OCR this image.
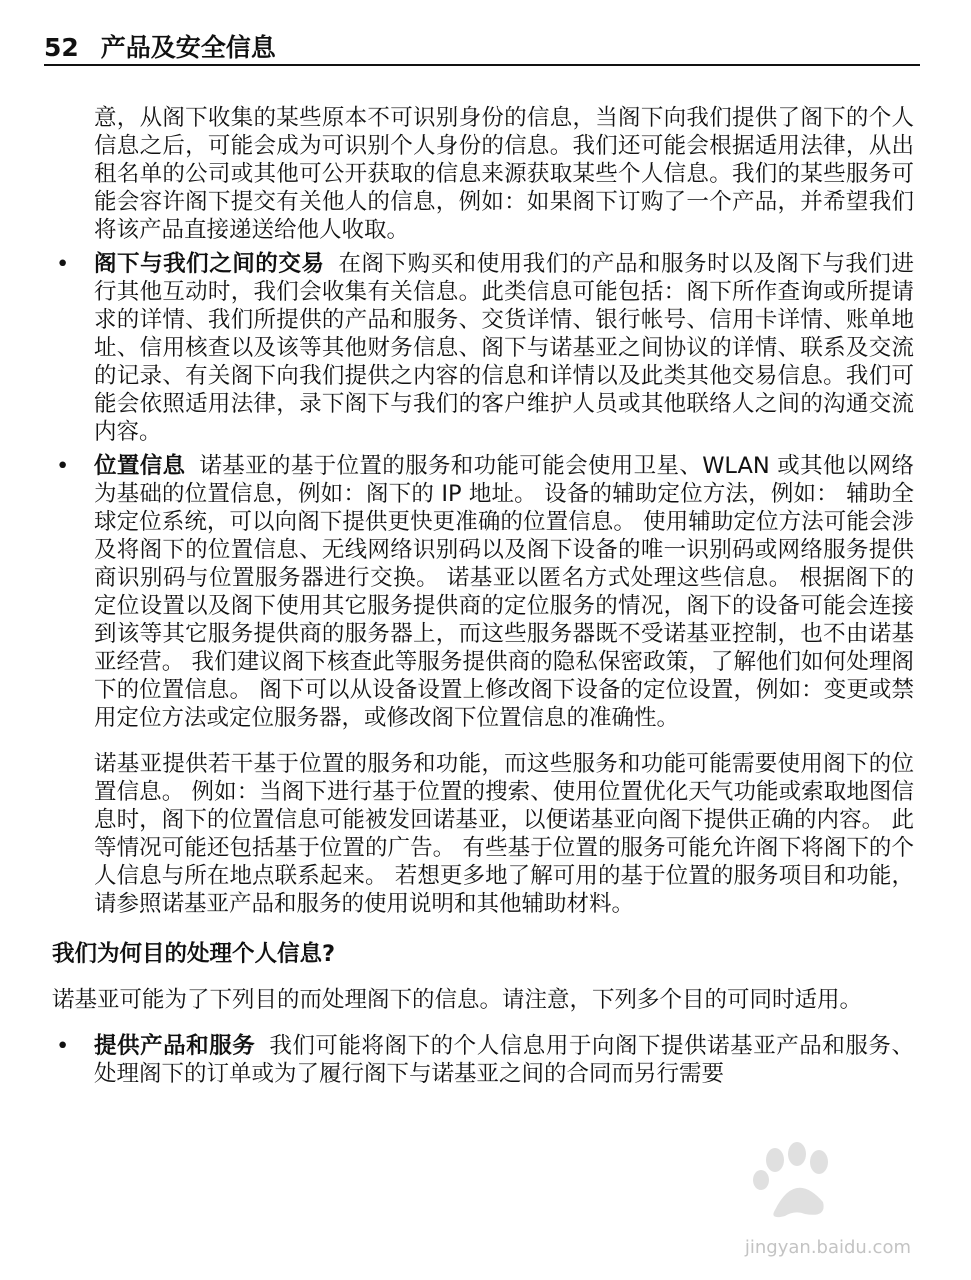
52 产品及安全信息

意，从阁下收集的某些原本不可识别身份的信息，当阁下向我们提供了阁下的个人信息之后，可能会成为可识别个人身份的信息。我们还可能会根据适用法律，从出租名单的公司或其他可公开获取的信息来源获取某些个人信息。我们的某些服务可能会容许阁下提交有关他人的信息，例如：如果阁下订购了一个产品，并希望我们将该产品直接递送给他人收取。

• 阁下与我们之间的交易 在阁下购买和使用我们的产品和服务时以及阁下与我们进行其他互动时，我们会收集有关信息。此类信息可能包括：阁下所作查询或所提请求的详情、我们所提供的产品和服务、交货详情、银行帐号、信用卡详情、账单地址、信用核查以及该等其他财务信息、阁下与诺基亚之间协议的详情、联系及交流的记录、有关阁下向我们提供之内容的信息和详情以及此类其他交易信息。我们可能会依照适用法律，录下阁下与我们的客户维护人员或其他联络人之间的沟通交流内容。

• 位置信息 诺基亚的基于位置的服务和功能可能会使用卫星、WLAN 或其他以网络为基础的位置信息，例如：阁下的 IP 地址。 设备的辅助定位方法，例如： 辅助全球定位系统，可以向阁下提供更快更准确的位置信息。 使用辅助定位方法可能会涉及将阁下的位置信息、无线网络识别码以及阁下设备的唯一识别码或网络服务提供商识别码与位置服务器进行交换。 诺基亚以匿名方式处理这些信息。 根据阁下的定位设置以及阁下使用其它服务提供商的定位服务的情况，阁下的设备可能会连接到该等其它服务提供商的服务器上，而这些服务器既不受诺基亚控制，也不由诺基亚经营。 我们建议阁下核查此等服务提供商的隐私保密政策，了解他们如何处理阁下的位置信息。 阁下可以从设备设置上修改阁下设备的定位设置，例如：变更或禁用定位方法或定位服务器，或修改阁下位置信息的准确性。

诺基亚提供若干基于位置的服务和功能，而这些服务和功能可能需要使用阁下的位置信息。 例如：当阁下进行基于位置的搜索、使用位置优化天气功能或索取地图信息时，阁下的位置信息可能被发回诺基亚，以便诺基亚向阁下提供正确的内容。 此等情况可能还包括基于位置的广告。 有些基于位置的服务可能允许阁下将阁下的个人信息与所在地点联系起来。 若想更多地了解可用的基于位置的服务项目和功能，请参照诺基亚产品和服务的使用说明和其他辅助材料。

我们为何目的处理个人信息?

诺基亚可能为了下列目的而处理阁下的信息。请注意，下列多个目的可同时适用。

• 提供产品和服务 我们可能将阁下的个人信息用于向阁下提供诺基亚产品和服务、处理阁下的订单或为了履行阁下与诺基亚之间的合同而另行需要

jingyan.baidu.com
